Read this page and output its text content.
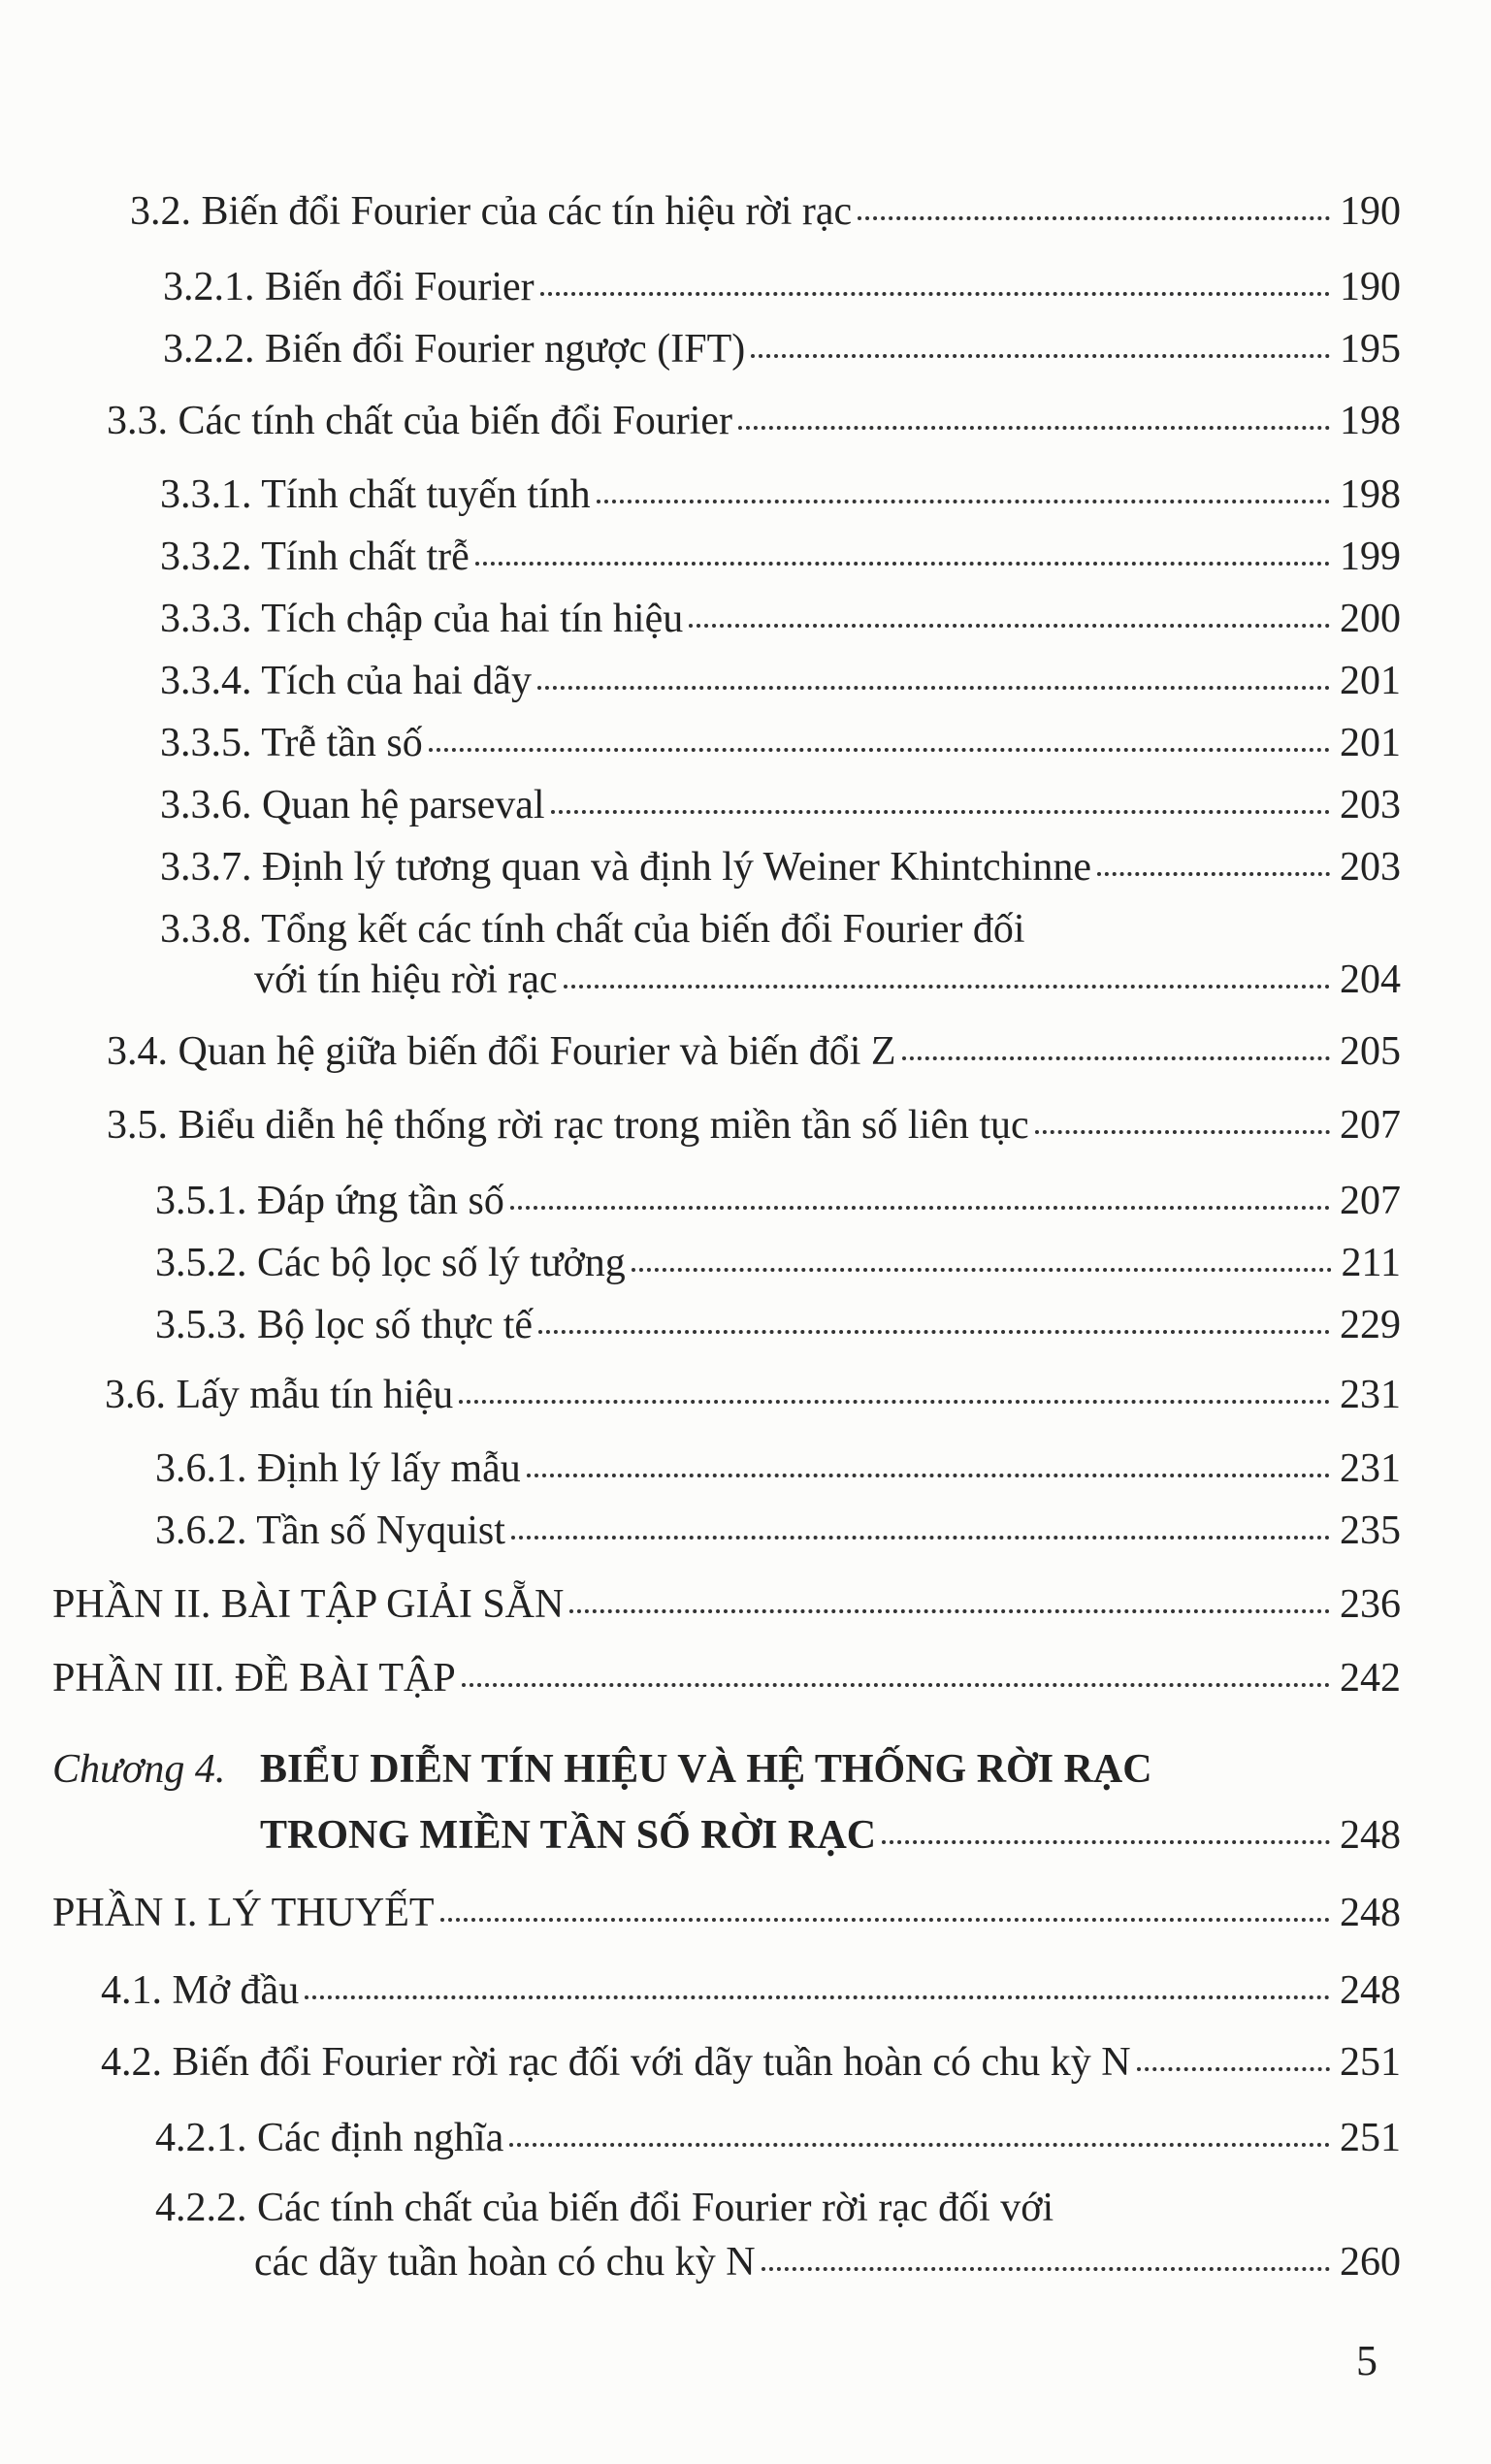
3.2. Biến đổi Fourier của các tín hiệu rời rạc	190
3.2.1. Biến đổi Fourier	190
3.2.2. Biến đổi Fourier ngược (IFT)	195
3.3. Các tính chất của biến đổi Fourier	198
3.3.1. Tính chất tuyến tính	198
3.3.2. Tính chất trễ	199
3.3.3. Tích chập của hai tín hiệu	200
3.3.4. Tích của hai dãy	201
3.3.5. Trễ tần số	201
3.3.6. Quan hệ parseval	203
3.3.7. Định lý tương quan và định lý Weiner Khintchinne	203
3.3.8. Tổng kết các tính chất của biến đổi Fourier đối
với tín hiệu rời rạc	204
3.4. Quan hệ giữa biến đổi Fourier và biến đổi Z	205
3.5. Biểu diễn hệ thống rời rạc trong miền tần số liên tục	207
3.5.1. Đáp ứng tần số	207
3.5.2. Các bộ lọc số lý tưởng	211
3.5.3. Bộ lọc số thực tế	229
3.6. Lấy mẫu tín hiệu	231
3.6.1. Định lý lấy mẫu	231
3.6.2. Tần số Nyquist	235
PHẦN II. BÀI TẬP GIẢI SẴN	236
PHẦN III. ĐỀ BÀI TẬP	242
Chương 4. BIỂU DIỄN TÍN HIỆU VÀ HỆ THỐNG RỜI RẠC
TRONG MIỀN TẦN SỐ RỜI RẠC	248
PHẦN I. LÝ THUYẾT	248
4.1. Mở đầu	248
4.2. Biến đổi Fourier rời rạc đối với dãy tuần hoàn có chu kỳ N	251
4.2.1. Các định nghĩa	251
4.2.2. Các tính chất của biến đổi Fourier rời rạc đối với
các dãy tuần hoàn có chu kỳ N	260
5
